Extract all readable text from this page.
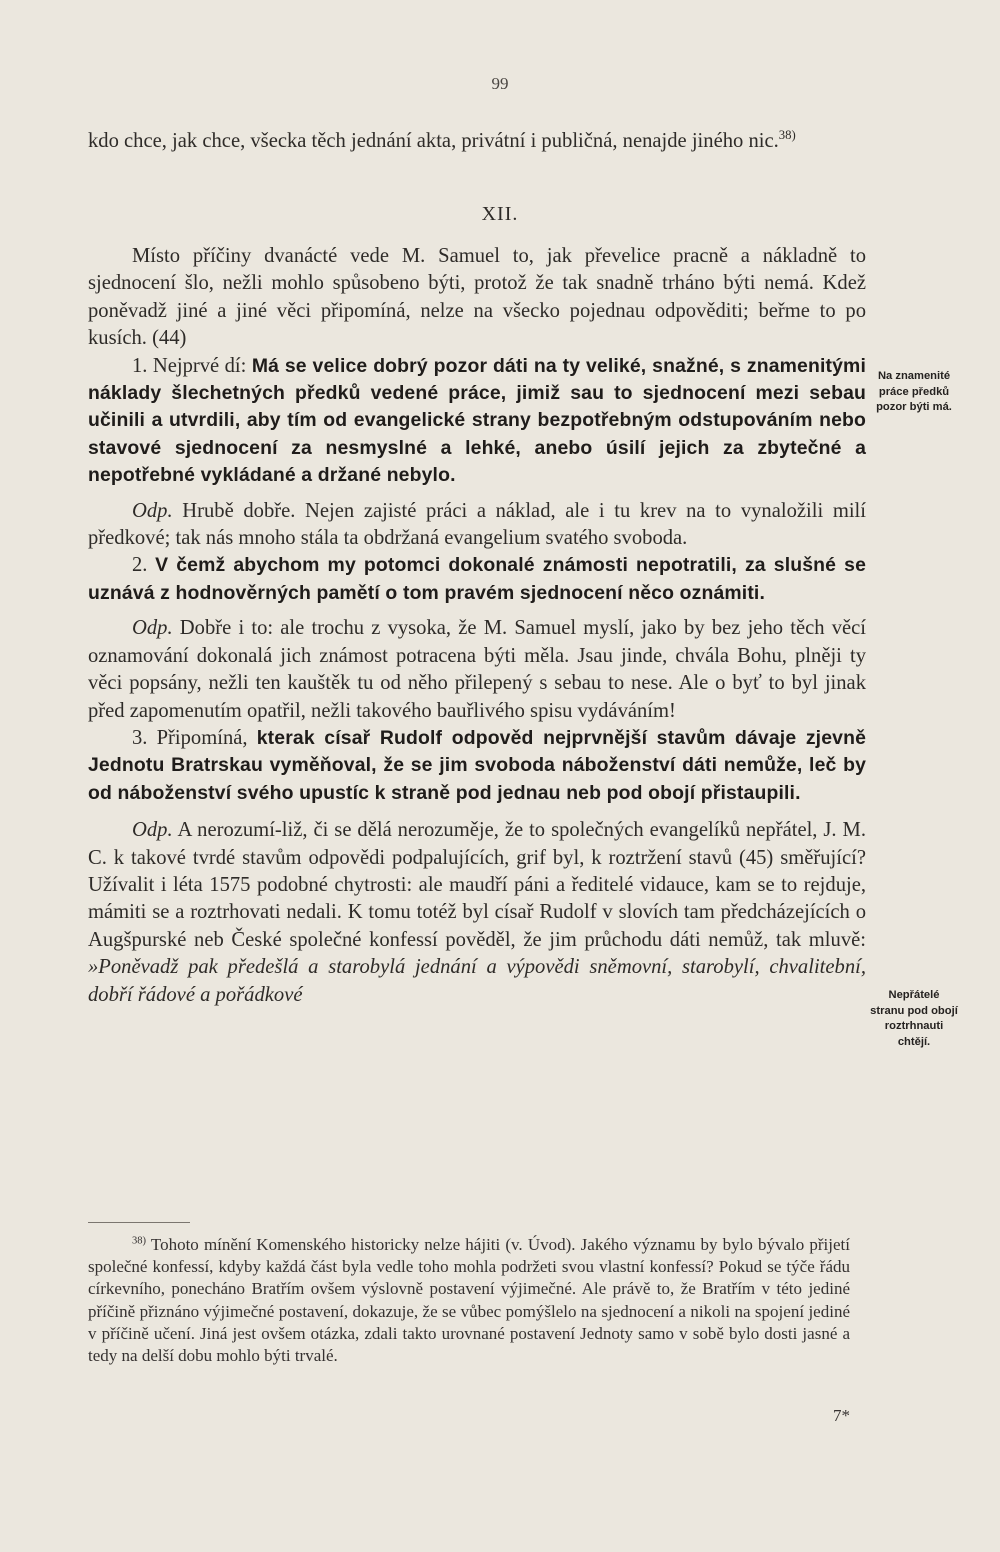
99

kdo chce, jak chce, všecka těch jednání akta, privátní i publičná, nenajde jiného nic.$^{38)}$

XII.

Místo příčiny dvanácté vede M. Samuel to, jak převelice pracně a nákladně to sjednocení šlo, nežli mohlo spůsobeno býti, protož že tak snadně trháno býti nemá. Kdež poněvadž jiné a jiné věci připomíná, nelze na všecko pojednau odpověditi; beřme to po kusích. (44)

1. Nejprvé dí: Má se velice dobrý pozor dáti na ty veliké, snažné, s znamenitými náklady šlechetných předků vedené práce, jimiž sau to sjednocení mezi sebau učinili a utvrdili, aby tím od evangelické strany bezpotřebným odstupováním nebo stavové sjednocení za nesmyslné a lehké, anebo úsilí jejich za zbytečné a nepotřebné vykládané a držané nebylo.

Odp. Hrubě dobře. Nejen zajisté práci a náklad, ale i tu krev na to vynaložili milí předkové; tak nás mnoho stála ta obdržaná evangelium svatého svoboda.

2. V čemž abychom my potomci dokonalé známosti nepotratili, za slušné se uznává z hodnověrných pamětí o tom pravém sjednocení něco oznámiti.

Odp. Dobře i to: ale trochu z vysoka, že M. Samuel myslí, jako by bez jeho těch věcí oznamování dokonalá jich známost potracena býti měla. Jsau jinde, chvála Bohu, plněji ty věci popsány, nežli ten kauštěk tu od něho přilepený s sebau to nese. Ale o byť to byl jinak před zapomenutím opatřil, nežli takového bauřlivého spisu vydáváním!

3. Připomíná, kterak císař Rudolf odpověd nejprvnější stavům dávaje zjevně Jednotu Bratrskau vyměňoval, že se jim svoboda náboženství dáti nemůže, leč by od náboženství svého upustíc k straně pod jednau neb pod obojí přistaupili.

Odp. A nerozumí-liž, či se dělá nerozuměje, že to společných evangelíků nepřátel, J. M. C. k takové tvrdé stavům odpovědi podpalujících, grif byl, k roztržení stavů (45) směřující? Užívalit i léta 1575 podobné chytrosti: ale maudří páni a ředitelé vidauce, kam se to rejduje, mámiti se a roztrhovati nedali. K tomu totéž byl císař Rudolf v slovích tam předcházejících o Augšpurské neb České společné konfessí pověděl, že jim průchodu dáti nemůž, tak mluvě: »Poněvadž pak předešlá a starobylá jednání a výpovědi sněmovní, starobylí, chvalitební, dobří řádové a pořádkové

Na znamenité práce předků pozor býti má.
Nepřátelé stranu pod obojí roztrhnauti chtějí.

$^{38)}$ Tohoto mínění Komenského historicky nelze hájiti (v. Úvod). Jakého významu by bylo bývalo přijetí společné konfessí, kdyby každá část byla vedle toho mohla podržeti svou vlastní konfessí? Pokud se týče řádu církevního, ponecháno Bratřím ovšem výslovně postavení výjimečné. Ale právě to, že Bratřím v této jediné příčině přiznáno výjimečné postavení, dokazuje, že se vůbec pomýšlelo na sjednocení a nikoli na spojení jediné v příčině učení. Jiná jest ovšem otázka, zdali takto urovnané postavení Jednoty samo v sobě bylo dosti jasné a tedy na delší dobu mohlo býti trvalé.

7*
